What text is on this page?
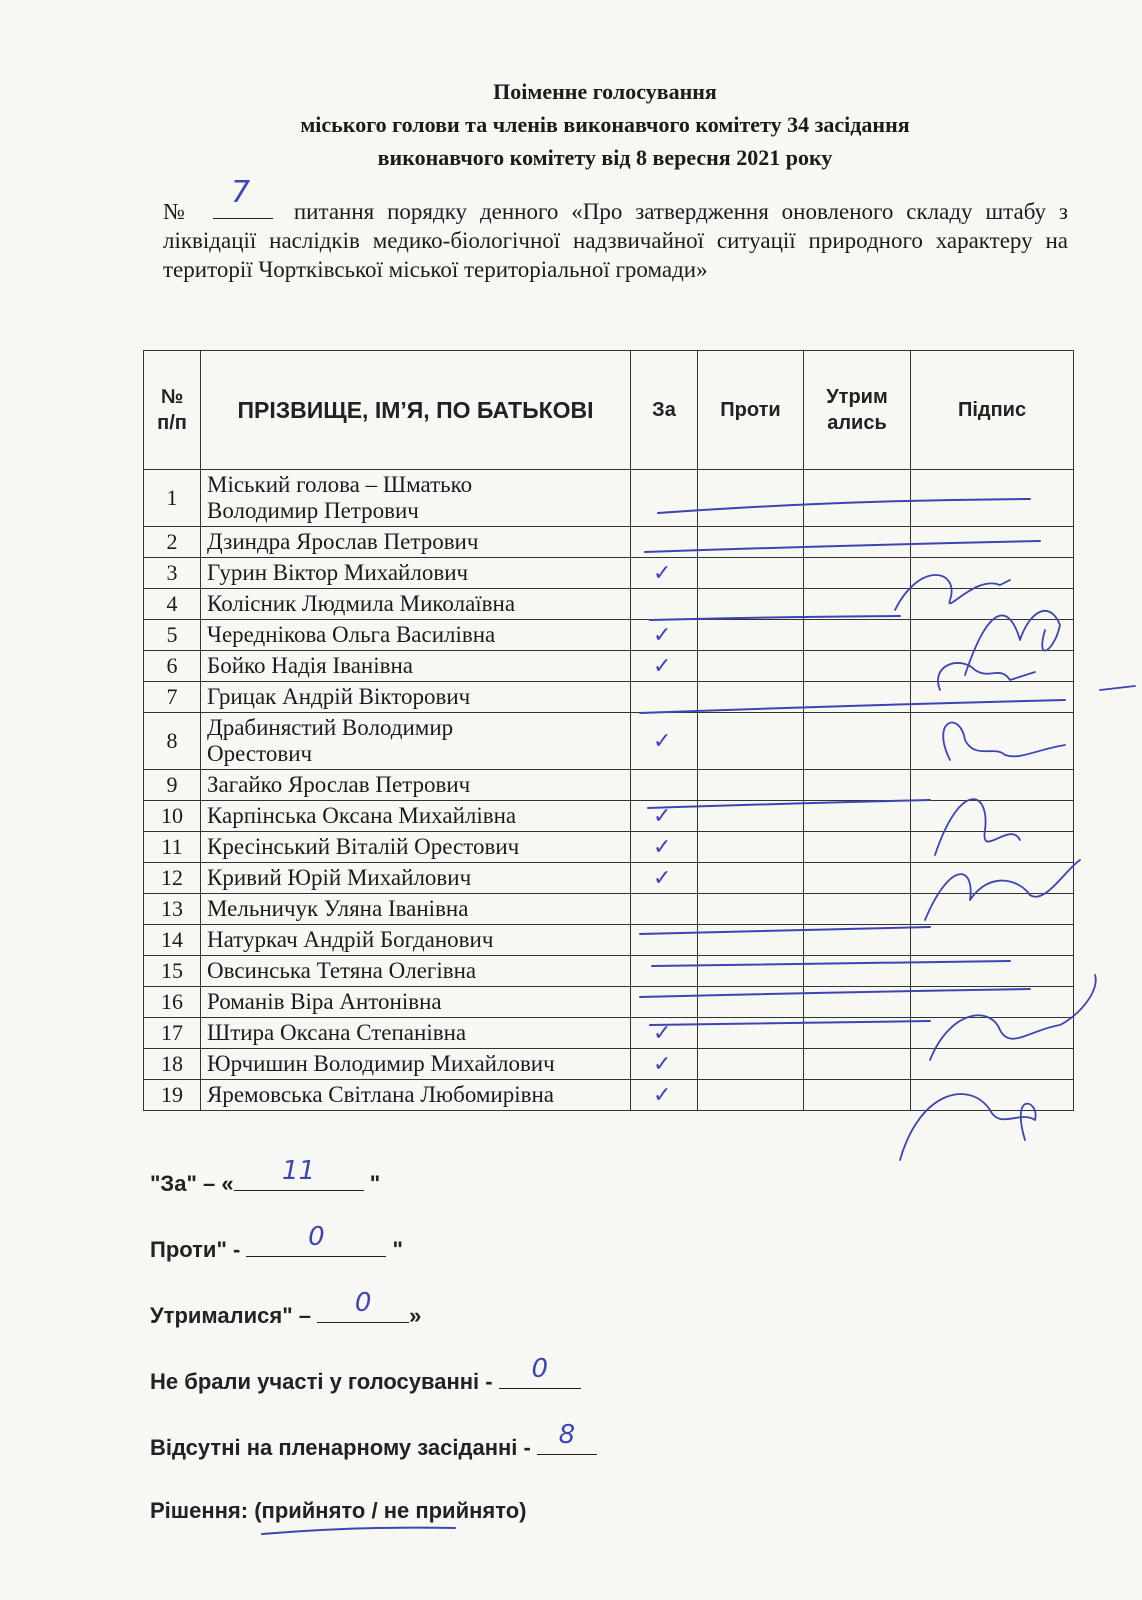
Поіменне голосування
міського голови та членів виконавчого комітету 34 засідання
виконавчого комітету від 8 вересня 2021 року
№
7
питання порядку денного «Про затвердження оновленого складу штабу з ліквідації наслідків медико-біологічної надзвичайної ситуації природного характеру на території Чортківської міської територіальної громади»
№ п/п	ПРІЗВИЩЕ, ІМ’Я, ПО БАТЬКОВІ	За	Проти	Утрим ались	Підпис
1	Міський голова – Шматько
Володимир Петрович				
2	Дзиндра Ярослав Петрович				
3	Гурин Віктор Михайлович	✓			
4	Колісник Людмила Миколаївна				
5	Череднікова Ольга Василівна	✓			
6	Бойко Надія Іванівна	✓			
7	Грицак Андрій Вікторович				
8	Драбинястий Володимир
Орестович	✓			
9	Загайко Ярослав Петрович				
10	Карпінська Оксана Михайлівна	✓			
11	Кресінський Віталій Орестович	✓			
12	Кривий Юрій Михайлович	✓			
13	Мельничук Уляна Іванівна				
14	Натуркач Андрій Богданович				
15	Овсинська Тетяна Олегівна				
16	Романів Віра Антонівна				
17	Штира Оксана Степанівна	✓			
18	Юрчишин Володимир Михайлович	✓			
19	Яремовська Світлана Любомирівна	✓			
"За" – «	11	"
Проти" -	0	"
Утрималися" –	0	»
Не брали участі у голосуванні -	0
Відсутні на пленарному засіданні - 8
Рішення: (прийнято / не прийнято)
